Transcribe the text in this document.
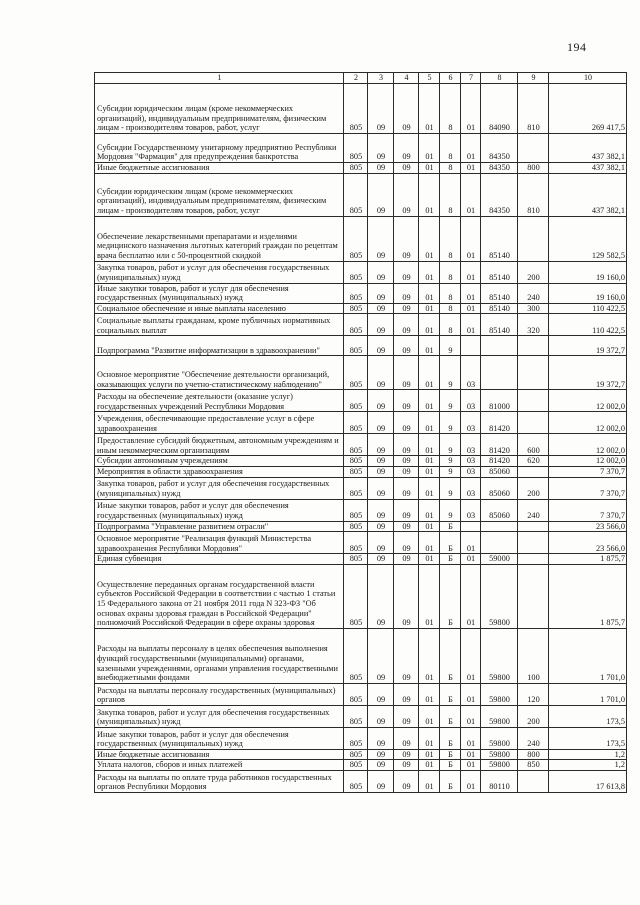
194
1	2	3	4	5	6	7	8	9	10
Субсидии юридическим лицам (кроме некоммерческих организаций), индивидуальным предпринимателям, физическим лицам - производителям товаров, работ, услуг	805	09	09	01	8	01	84090	810	269 417,5
Субсидии Государственному унитарному предприятию Республики Мордовия "Фармация" для предупреждения банкротства	805	09	09	01	8	01	84350		437 382,1
Иные бюджетные ассигнования	805	09	09	01	8	01	84350	800	437 382,1
Субсидии юридическим лицам (кроме некоммерческих организаций), индивидуальным предпринимателям, физическим лицам - производителям товаров, работ, услуг	805	09	09	01	8	01	84350	810	437 382,1
Обеспечение лекарственными препаратами и изделиями медицинского назначения льготных категорий граждан по рецептам врача бесплатно или с 50-процентной скидкой	805	09	09	01	8	01	85140		129 582,5
Закупка товаров, работ и услуг для обеспечения государственных (муниципальных) нужд	805	09	09	01	8	01	85140	200	19 160,0
Иные закупки товаров, работ и услуг для обеспечения государственных (муниципальных) нужд	805	09	09	01	8	01	85140	240	19 160,0
Социальное обеспечение и иные выплаты населению	805	09	09	01	8	01	85140	300	110 422,5
Социальные выплаты гражданам, кроме публичных нормативных социальных выплат	805	09	09	01	8	01	85140	320	110 422,5
Подпрограмма "Развитие информатизации в здравоохранении"	805	09	09	01	9				19 372,7
Основное мероприятие "Обеспечение деятельности организаций, оказывающих услуги по учетно-статистическому наблюдению"	805	09	09	01	9	03			19 372,7
Расходы на обеспечение деятельности (оказание услуг) государственных учреждений Республики Мордовия	805	09	09	01	9	03	81000		12 002,0
Учреждения, обеспечивающие предоставление услуг в сфере здравоохранения	805	09	09	01	9	03	81420		12 002,0
Предоставление субсидий бюджетным, автономным учреждениям и иным некоммерческим организациям	805	09	09	01	9	03	81420	600	12 002,0
Субсидии автономным учреждениям	805	09	09	01	9	03	81420	620	12 002,0
Мероприятия в области здравоохранения	805	09	09	01	9	03	85060		7 370,7
Закупка товаров, работ и услуг для обеспечения государственных (муниципальных) нужд	805	09	09	01	9	03	85060	200	7 370,7
Иные закупки товаров, работ и услуг для обеспечения государственных (муниципальных) нужд	805	09	09	01	9	03	85060	240	7 370,7
Подпрограмма "Управление развитием отрасли"	805	09	09	01	Б				23 566,0
Основное мероприятие "Реализация функций Министерства здравоохранения Республики Мордовия"	805	09	09	01	Б	01			23 566,0
Единая субвенция	805	09	09	01	Б	01	59000		1 875,7
Осуществление переданных органам государственной власти субъектов Российской Федерации в соответствии с частью 1 статьи 15 Федерального закона от 21 ноября 2011 года N 323-ФЗ "Об основах охраны здоровья граждан в Российской Федерации" полномочий Российской Федерации в сфере охраны здоровья	805	09	09	01	Б	01	59800		1 875,7
Расходы на выплаты персоналу в целях обеспечения выполнения функций государственными (муниципальными) органами, казенными учреждениями, органами управления государственными внебюджетными фондами	805	09	09	01	Б	01	59800	100	1 701,0
Расходы на выплаты персоналу государственных (муниципальных) органов	805	09	09	01	Б	01	59800	120	1 701,0
Закупка товаров, работ и услуг для обеспечения государственных (муниципальных) нужд	805	09	09	01	Б	01	59800	200	173,5
Иные закупки товаров, работ и услуг для обеспечения государственных (муниципальных) нужд	805	09	09	01	Б	01	59800	240	173,5
Иные бюджетные ассигнования	805	09	09	01	Б	01	59800	800	1,2
Уплата налогов, сборов и иных платежей	805	09	09	01	Б	01	59800	850	1,2
Расходы на выплаты по оплате труда работников государственных органов Республики Мордовия	805	09	09	01	Б	01	80110		17 613,8
